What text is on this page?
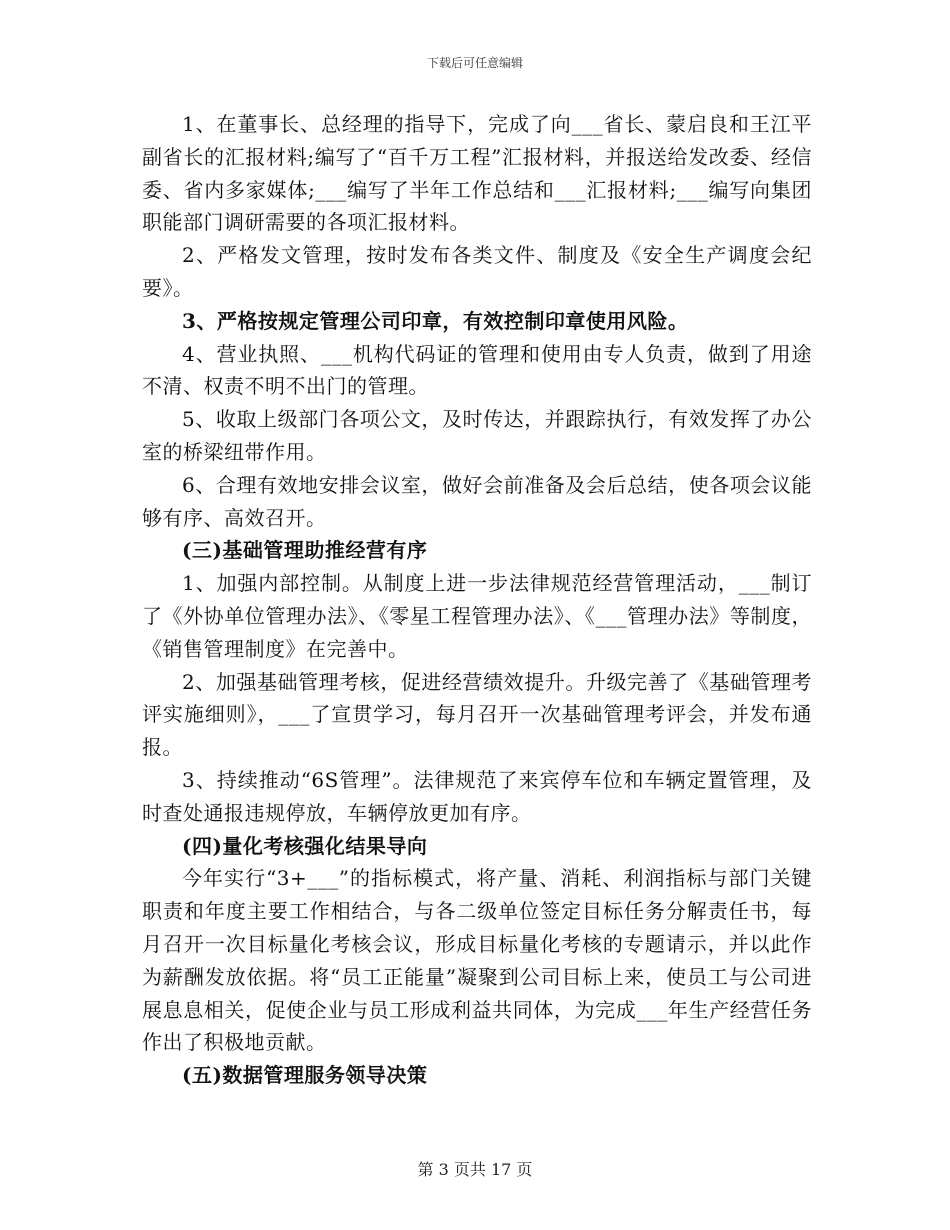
下载后可任意编辑

1、在董事长、总经理的指导下，完成了向___省长、蒙启良和王江平副省长的汇报材料;编写了“百千万工程”汇报材料，并报送给发改委、经信委、省内多家媒体;___编写了半年工作总结和___汇报材料;___编写向集团职能部门调研需要的各项汇报材料。

2、严格发文管理，按时发布各类文件、制度及《安全生产调度会纪要》。

3、严格按规定管理公司印章，有效控制印章使用风险。

4、营业执照、___机构代码证的管理和使用由专人负责，做到了用途不清、权责不明不出门的管理。

5、收取上级部门各项公文，及时传达，并跟踪执行，有效发挥了办公室的桥梁纽带作用。

6、合理有效地安排会议室，做好会前准备及会后总结，使各项会议能够有序、高效召开。

(三)基础管理助推经营有序

1、加强内部控制。从制度上进一步法律规范经营管理活动，___制订了《外协单位管理办法》、《零星工程管理办法》、《___管理办法》等制度，《销售管理制度》在完善中。

2、加强基础管理考核，促进经营绩效提升。升级完善了《基础管理考评实施细则》，___了宣贯学习，每月召开一次基础管理考评会，并发布通报。

3、持续推动“6S管理”。法律规范了来宾停车位和车辆定置管理，及时查处通报违规停放，车辆停放更加有序。

(四)量化考核强化结果导向

今年实行“3+___”的指标模式，将产量、消耗、利润指标与部门关键职责和年度主要工作相结合，与各二级单位签定目标任务分解责任书，每月召开一次目标量化考核会议，形成目标量化考核的专题请示，并以此作为薪酬发放依据。将“员工正能量”凝聚到公司目标上来，使员工与公司进展息息相关，促使企业与员工形成利益共同体，为完成___年生产经营任务作出了积极地贡献。

(五)数据管理服务领导决策

第 3 页共 17 页
